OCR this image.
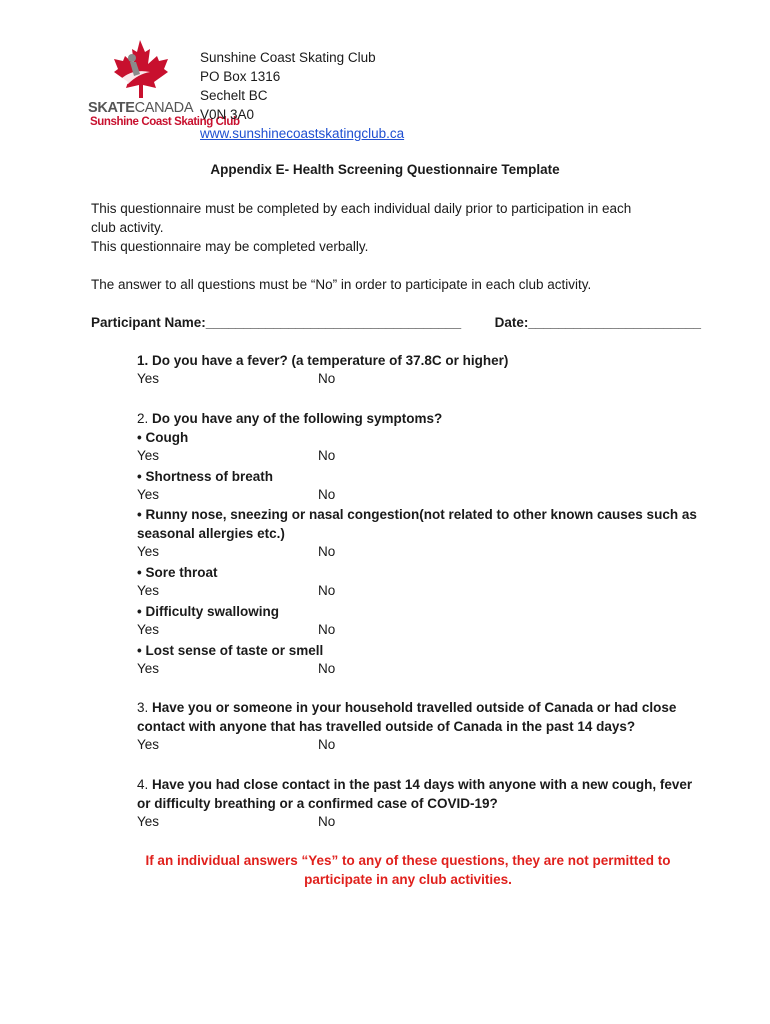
SKATECANADA
Sunshine Coast Skating Club
Sunshine Coast Skating Club
PO Box 1316
Sechelt BC
V0N 3A0
www.sunshinecoastskatingclub.ca
Appendix E- Health Screening Questionnaire Template
This questionnaire must be completed by each individual daily prior to participation in each
club activity.
This questionnaire may be completed verbally.
The answer to all questions must be “No” in order to participate in each club activity.
Participant Name:__________________________________ Date:_______________________
1. Do you have a fever? (a temperature of 37.8C or higher)
Yes	No
2. Do you have any of the following symptoms?
• Cough
Yes	No
• Shortness of breath
Yes	No
• Runny nose, sneezing or nasal congestion(not related to other known causes such as
seasonal allergies etc.)
Yes	No
• Sore throat
Yes	No
• Difficulty swallowing
Yes	No
• Lost sense of taste or smell
Yes	No
3. Have you or someone in your household travelled outside of Canada or had close
contact with anyone that has travelled outside of Canada in the past 14 days?
Yes	No
4. Have you had close contact in the past 14 days with anyone with a new cough, fever
or difficulty breathing or a confirmed case of COVID-19?
Yes	No
If an individual answers “Yes” to any of these questions, they are not permitted to
participate in any club activities.
